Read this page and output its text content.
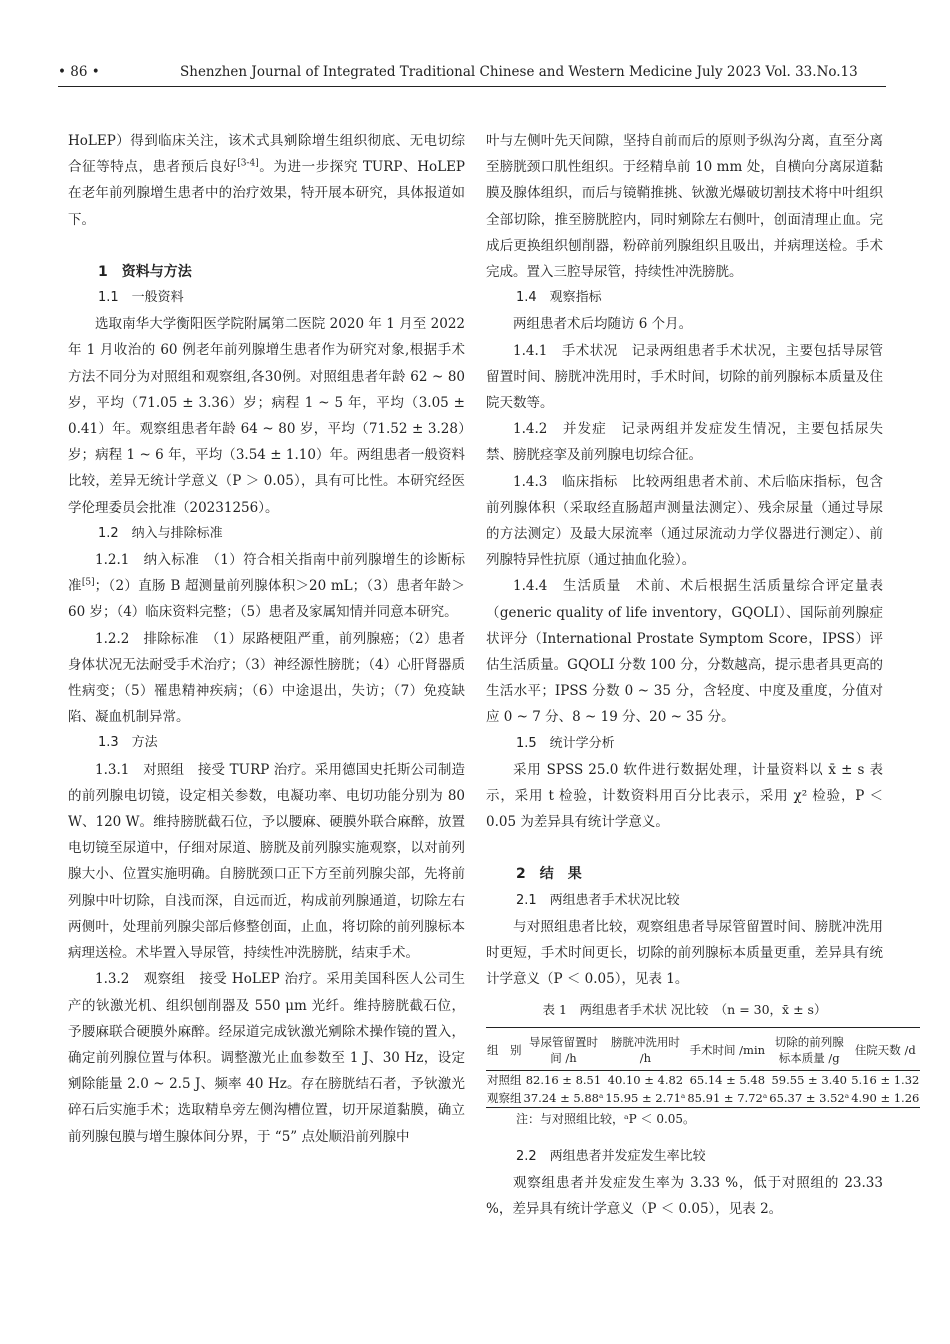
• 86 •	Shenzhen Journal of Integrated Traditional Chinese and Western Medicine July 2023 Vol. 33.No.13

HoLEP）得到临床关注，该术式具剜除增生组织彻底、无电切综合征等特点，患者预后良好[3-4]。为进一步探究 TURP、HoLEP 在老年前列腺增生患者中的治疗效果，特开展本研究，具体报道如下。

1　资料与方法
1.1　一般资料

选取南华大学衡阳医学院附属第二医院 2020 年 1 月至 2022 年 1 月收治的 60 例老年前列腺增生患者作为研究对象,根据手术方法不同分为对照组和观察组,各30例。对照组患者年龄 62 ~ 80 岁，平均（71.05 ± 3.36）岁；病程 1 ~ 5 年，平均（3.05 ± 0.41）年。观察组患者年龄 64 ~ 80 岁，平均（71.52 ± 3.28）岁；病程 1 ~ 6 年，平均（3.54 ± 1.10）年。两组患者一般资料比较，差异无统计学意义（P ＞ 0.05），具有可比性。本研究经医学伦理委员会批准（20231256）。

1.2　纳入与排除标准

1.2.1　纳入标准　（1）符合相关指南中前列腺增生的诊断标准[5]；（2）直肠 B 超测量前列腺体积＞20 mL；（3）患者年龄＞ 60 岁；（4）临床资料完整；（5）患者及家属知情并同意本研究。

1.2.2　排除标准　（1）尿路梗阻严重，前列腺癌；（2）患者身体状况无法耐受手术治疗；（3）神经源性膀胱；（4）心肝肾器质性病变；（5）罹患精神疾病；（6）中途退出，失访；（7）免疫缺陷、凝血机制异常。

1.3　方法

1.3.1　对照组　接受 TURP 治疗。采用德国史托斯公司制造的前列腺电切镜，设定相关参数，电凝功率、电切功能分别为 80 W、120 W。维持膀胱截石位，予以腰麻、硬膜外联合麻醉，放置电切镜至尿道中，仔细对尿道、膀胱及前列腺实施观察，以对前列腺大小、位置实施明确。自膀胱颈口正下方至前列腺尖部，先将前列腺中叶切除，自浅而深，自远而近，构成前列腺通道，切除左右两侧叶，处理前列腺尖部后修整创面，止血，将切除的前列腺标本病理送检。术毕置入导尿管，持续性冲洗膀胱，结束手术。

1.3.2　观察组　接受 HoLEP 治疗。采用美国科医人公司生产的钬激光机、组织刨削器及 550 μm 光纤。维持膀胱截石位，予腰麻联合硬膜外麻醉。经尿道完成钬激光剜除术操作镜的置入，确定前列腺位置与体积。调整激光止血参数至 1 J、30 Hz，设定剜除能量 2.0 ~ 2.5 J、频率 40 Hz。存在膀胱结石者，予钬激光碎石后实施手术；选取精阜旁左侧沟槽位置，切开尿道黏膜，确立前列腺包膜与增生腺体间分界，于 “5” 点处顺沿前列腺中

叶与左侧叶先天间隙，坚持自前而后的原则予纵沟分离，直至分离至膀胱颈口肌性组织。于经精阜前 10 mm 处，自横向分离尿道黏膜及腺体组织，而后与镜鞘推挑、钬激光爆破切割技术将中叶组织全部切除，推至膀胱腔内，同时剜除左右侧叶，创面清理止血。完成后更换组织刨削器，粉碎前列腺组织且吸出，并病理送检。手术完成。置入三腔导尿管，持续性冲洗膀胱。

1.4　观察指标

两组患者术后均随访 6 个月。

1.4.1　手术状况　记录两组患者手术状况，主要包括导尿管留置时间、膀胱冲洗用时，手术时间，切除的前列腺标本质量及住院天数等。

1.4.2　并发症　记录两组并发症发生情况，主要包括尿失禁、膀胱痉挛及前列腺电切综合征。

1.4.3　临床指标　比较两组患者术前、术后临床指标，包含前列腺体积（采取经直肠超声测量法测定）、残余尿量（通过导尿的方法测定）及最大尿流率（通过尿流动力学仪器进行测定）、前列腺特异性抗原（通过抽血化验）。

1.4.4　生活质量　术前、术后根据生活质量综合评定量表（generic quality of life inventory，GQOLI）、国际前列腺症状评分（International Prostate Symptom Score，IPSS）评估生活质量。GQOLI 分数 100 分，分数越高，提示患者具更高的生活水平；IPSS 分数 0 ~ 35 分，含轻度、中度及重度，分值对应 0 ~ 7 分、8 ~ 19 分、20 ~ 35 分。

1.5　统计学分析

采用 SPSS 25.0 软件进行数据处理，计量资料以 x̄ ± s 表示，采用 t 检验，计数资料用百分比表示，采用 χ² 检验，P ＜ 0.05 为差异具有统计学意义。

2　结　果
2.1　两组患者手术状况比较

与对照组患者比较，观察组患者导尿管留置时间、膀胱冲洗用时更短，手术时间更长，切除的前列腺标本质量更重，差异具有统计学意义（P ＜ 0.05），见表 1。

表 1　两组患者手术状 况比较　（n = 30，x̄ ± s）
组　别	导尿管留置时间 /h	膀胱冲洗用时 /h	手术时间 /min	切除的前列腺标本质量 /g	住院天数 /d
对照组	82.16 ± 8.51	40.10 ± 4.82	65.14 ± 5.48	59.55 ± 3.40	5.16 ± 1.32
观察组	37.24 ± 5.88ᵃ	15.95 ± 2.71ᵃ	85.91 ± 7.72ᵃ	65.37 ± 3.52ᵃ	4.90 ± 1.26
注：与对照组比较，ᵃP ＜ 0.05。
2.2　两组患者并发症发生率比较

观察组患者并发症发生率为 3.33 %，低于对照组的 23.33 %，差异具有统计学意义（P ＜ 0.05），见表 2。
